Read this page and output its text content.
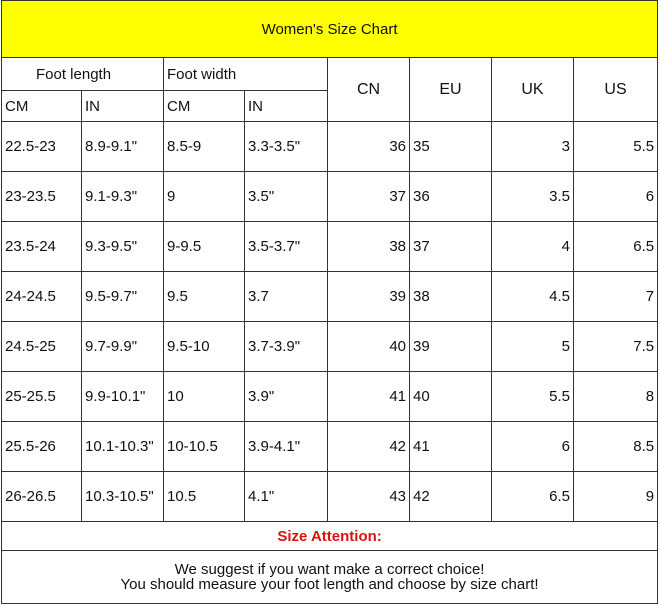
Women's Size Chart							
Foot length		Foot width		CN	EU	UK	US
CM	IN	CM	IN				
22.5-23	8.9-9.1"	8.5-9	3.3-3.5"	36	35	3	5.5
23-23.5	9.1-9.3"	9	3.5"	37	36	3.5	6
23.5-24	9.3-9.5"	9-9.5	3.5-3.7"	38	37	4	6.5
24-24.5	9.5-9.7"	9.5	3.7	39	38	4.5	7
24.5-25	9.7-9.9"	9.5-10	3.7-3.9"	40	39	5	7.5
25-25.5	9.9-10.1"	10	3.9"	41	40	5.5	8
25.5-26	10.1-10.3"	10-10.5	3.9-4.1"	42	41	6	8.5
26-26.5	10.3-10.5"	10.5	4.1"	43	42	6.5	9
Size Attention:							

We suggest if you want make a correct choice!
You should measure your foot length and choose by size chart!							
